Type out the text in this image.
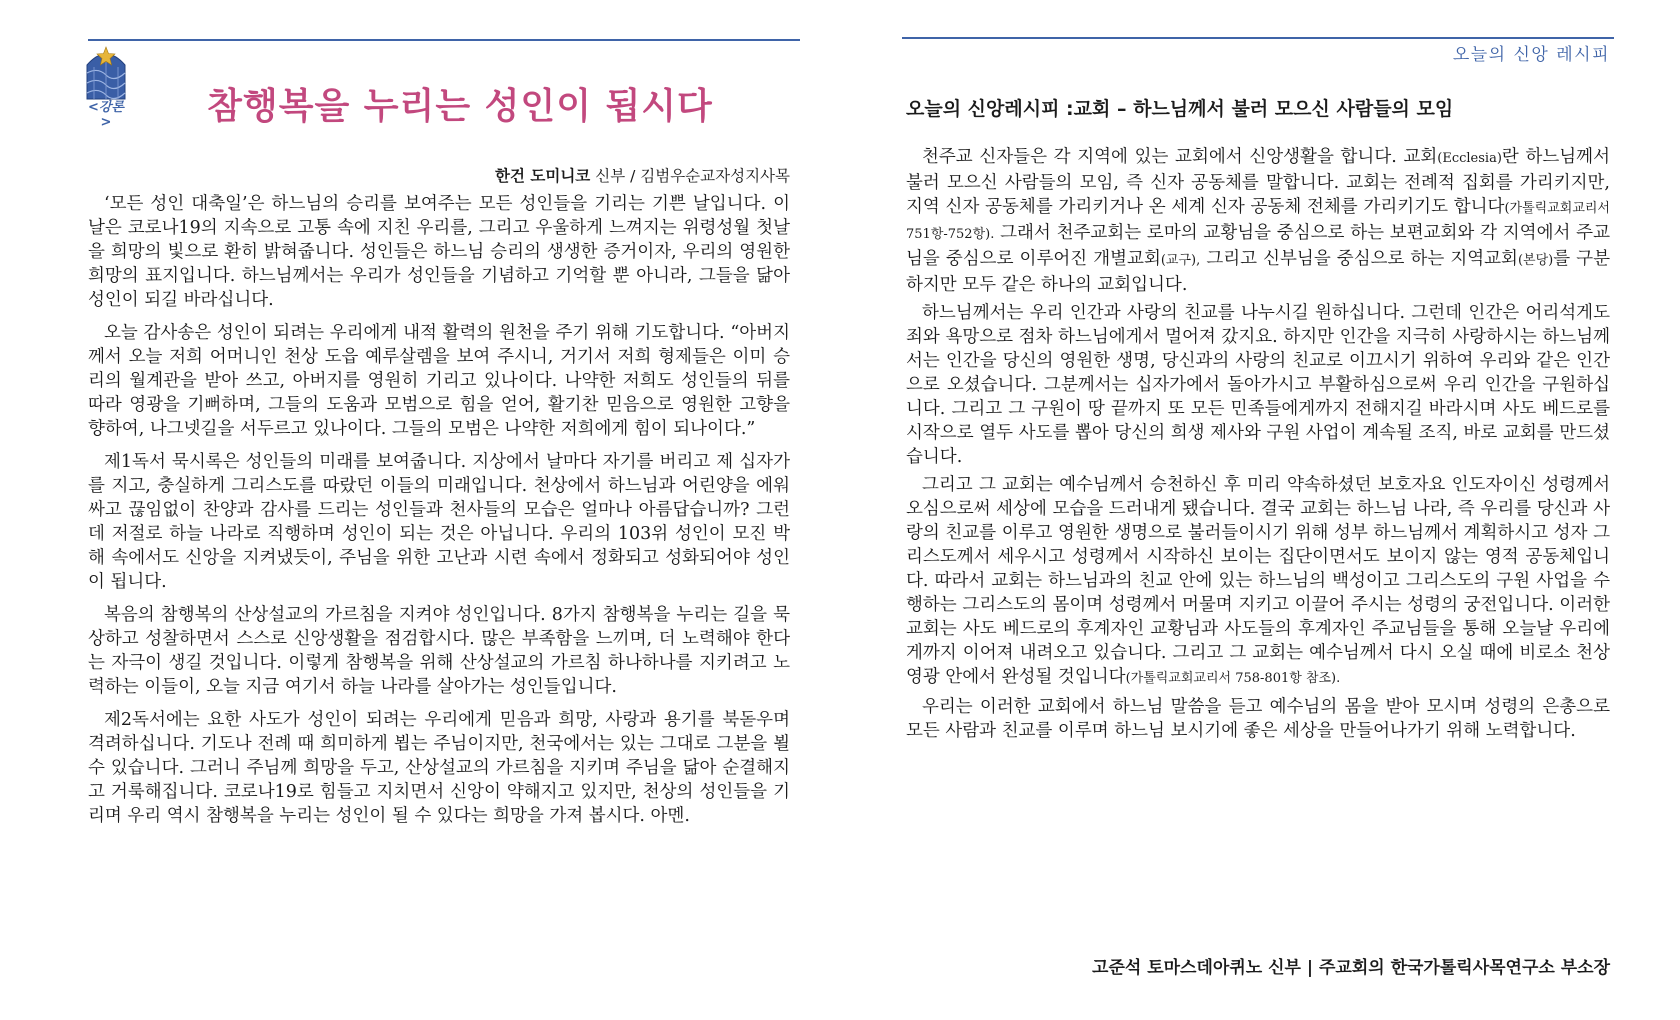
<강론>	참행복을 누리는 성인이 됩시다
한건 도미니코 신부 / 김범우순교자성지사목

‘모든 성인 대축일’은 하느님의 승리를 보여주는 모든 성인들을 기리는 기쁜 날입니다. 이날은 코로나19의 지속으로 고통 속에 지친 우리를, 그리고 우울하게 느껴지는 위령성월 첫날을 희망의 빛으로 환히 밝혀줍니다. 성인들은 하느님 승리의 생생한 증거이자, 우리의 영원한 희망의 표지입니다. 하느님께서는 우리가 성인들을 기념하고 기억할 뿐 아니라, 그들을 닮아 성인이 되길 바라십니다.

오늘 감사송은 성인이 되려는 우리에게 내적 활력의 원천을 주기 위해 기도합니다. “아버지께서 오늘 저희 어머니인 천상 도읍 예루살렘을 보여 주시니, 거기서 저희 형제들은 이미 승리의 월계관을 받아 쓰고, 아버지를 영원히 기리고 있나이다. 나약한 저희도 성인들의 뒤를 따라 영광을 기뻐하며, 그들의 도움과 모범으로 힘을 얻어, 활기찬 믿음으로 영원한 고향을 향하여, 나그넷길을 서두르고 있나이다. 그들의 모범은 나약한 저희에게 힘이 되나이다.”

제1독서 묵시록은 성인들의 미래를 보여줍니다. 지상에서 날마다 자기를 버리고 제 십자가를 지고, 충실하게 그리스도를 따랐던 이들의 미래입니다. 천상에서 하느님과 어린양을 에워싸고 끊임없이 찬양과 감사를 드리는 성인들과 천사들의 모습은 얼마나 아름답습니까? 그런데 저절로 하늘 나라로 직행하며 성인이 되는 것은 아닙니다. 우리의 103위 성인이 모진 박해 속에서도 신앙을 지켜냈듯이, 주님을 위한 고난과 시련 속에서 정화되고 성화되어야 성인이 됩니다.

복음의 참행복의 산상설교의 가르침을 지켜야 성인입니다. 8가지 참행복을 누리는 길을 묵상하고 성찰하면서 스스로 신앙생활을 점검합시다. 많은 부족함을 느끼며, 더 노력해야 한다는 자극이 생길 것입니다. 이렇게 참행복을 위해 산상설교의 가르침 하나하나를 지키려고 노력하는 이들이, 오늘 지금 여기서 하늘 나라를 살아가는 성인들입니다.

제2독서에는 요한 사도가 성인이 되려는 우리에게 믿음과 희망, 사랑과 용기를 북돋우며 격려하십니다. 기도나 전례 때 희미하게 뵙는 주님이지만, 천국에서는 있는 그대로 그분을 뵐 수 있습니다. 그러니 주님께 희망을 두고, 산상설교의 가르침을 지키며 주님을 닮아 순결해지고 거룩해집니다. 코로나19로 힘들고 지치면서 신앙이 약해지고 있지만, 천상의 성인들을 기리며 우리 역시 참행복을 누리는 성인이 될 수 있다는 희망을 가져 봅시다. 아멘.

오늘의 신앙 레시피
오늘의 신앙레시피 :교회 – 하느님께서 불러 모으신 사람들의 모임

천주교 신자들은 각 지역에 있는 교회에서 신앙생활을 합니다. 교회(Ecclesia)란 하느님께서 불러 모으신 사람들의 모임, 즉 신자 공동체를 말합니다. 교회는 전례적 집회를 가리키지만, 지역 신자 공동체를 가리키거나 온 세계 신자 공동체 전체를 가리키기도 합니다(가톨릭교회교리서 751항-752항). 그래서 천주교회는 로마의 교황님을 중심으로 하는 보편교회와 각 지역에서 주교님을 중심으로 이루어진 개별교회(교구), 그리고 신부님을 중심으로 하는 지역교회(본당)를 구분하지만 모두 같은 하나의 교회입니다.

하느님께서는 우리 인간과 사랑의 친교를 나누시길 원하십니다. 그런데 인간은 어리석게도 죄와 욕망으로 점차 하느님에게서 멀어져 갔지요. 하지만 인간을 지극히 사랑하시는 하느님께서는 인간을 당신의 영원한 생명, 당신과의 사랑의 친교로 이끄시기 위하여 우리와 같은 인간으로 오셨습니다. 그분께서는 십자가에서 돌아가시고 부활하심으로써 우리 인간을 구원하십니다. 그리고 그 구원이 땅 끝까지 또 모든 민족들에게까지 전해지길 바라시며 사도 베드로를 시작으로 열두 사도를 뽑아 당신의 희생 제사와 구원 사업이 계속될 조직, 바로 교회를 만드셨습니다.

그리고 그 교회는 예수님께서 승천하신 후 미리 약속하셨던 보호자요 인도자이신 성령께서 오심으로써 세상에 모습을 드러내게 됐습니다. 결국 교회는 하느님 나라, 즉 우리를 당신과 사랑의 친교를 이루고 영원한 생명으로 불러들이시기 위해 성부 하느님께서 계획하시고 성자 그리스도께서 세우시고 성령께서 시작하신 보이는 집단이면서도 보이지 않는 영적 공동체입니다. 따라서 교회는 하느님과의 친교 안에 있는 하느님의 백성이고 그리스도의 구원 사업을 수행하는 그리스도의 몸이며 성령께서 머물며 지키고 이끌어 주시는 성령의 궁전입니다. 이러한 교회는 사도 베드로의 후계자인 교황님과 사도들의 후계자인 주교님들을 통해 오늘날 우리에게까지 이어져 내려오고 있습니다. 그리고 그 교회는 예수님께서 다시 오실 때에 비로소 천상 영광 안에서 완성될 것입니다(가톨릭교회교리서 758-801항 참조).

우리는 이러한 교회에서 하느님 말씀을 듣고 예수님의 몸을 받아 모시며 성령의 은총으로 모든 사람과 친교를 이루며 하느님 보시기에 좋은 세상을 만들어나가기 위해 노력합니다.

고준석 토마스데아퀴노 신부 | 주교회의 한국가톨릭사목연구소 부소장
